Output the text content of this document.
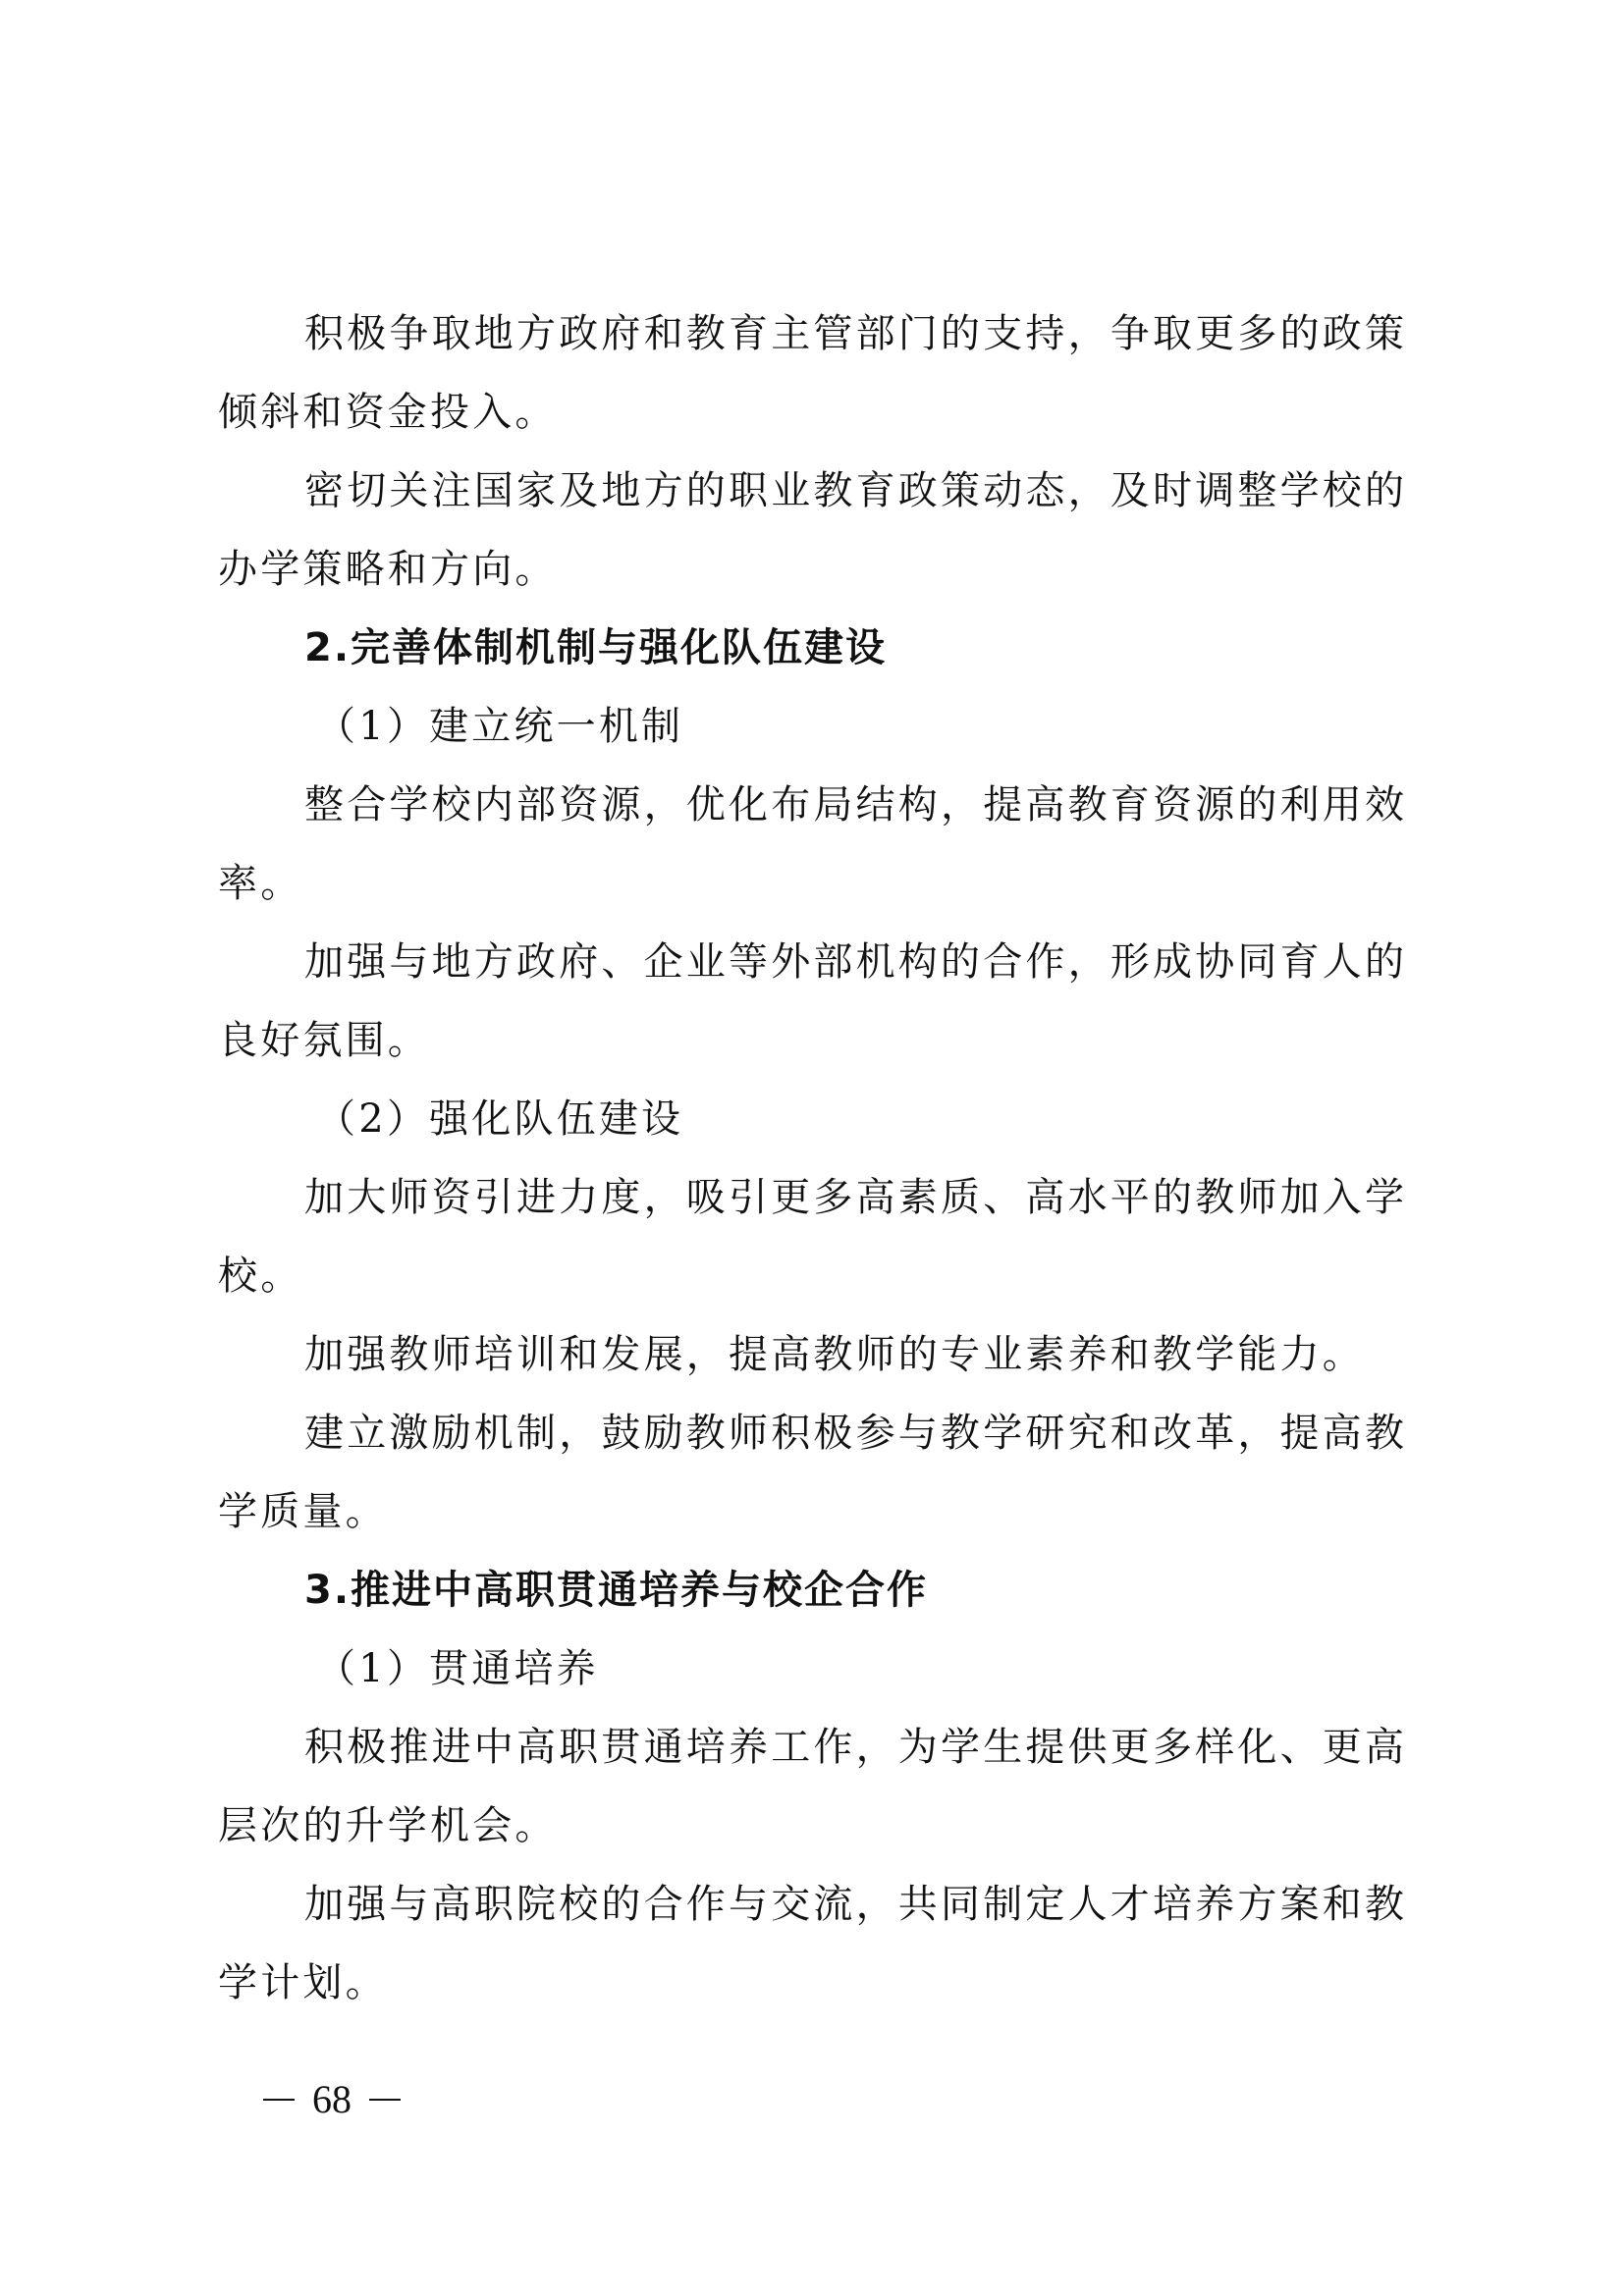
积极争取地方政府和教育主管部门的支持，争取更多的政策

倾斜和资金投入。

密切关注国家及地方的职业教育政策动态，及时调整学校的

办学策略和方向。

2.完善体制机制与强化队伍建设

（1）建立统一机制

整合学校内部资源，优化布局结构，提高教育资源的利用效

率。

加强与地方政府、企业等外部机构的合作，形成协同育人的

良好氛围。

（2）强化队伍建设

加大师资引进力度，吸引更多高素质、高水平的教师加入学

校。

加强教师培训和发展，提高教师的专业素养和教学能力。

建立激励机制，鼓励教师积极参与教学研究和改革，提高教

学质量。

3.推进中高职贯通培养与校企合作

（1）贯通培养

积极推进中高职贯通培养工作，为学生提供更多样化、更高

层次的升学机会。

加强与高职院校的合作与交流，共同制定人才培养方案和教

学计划。

68
